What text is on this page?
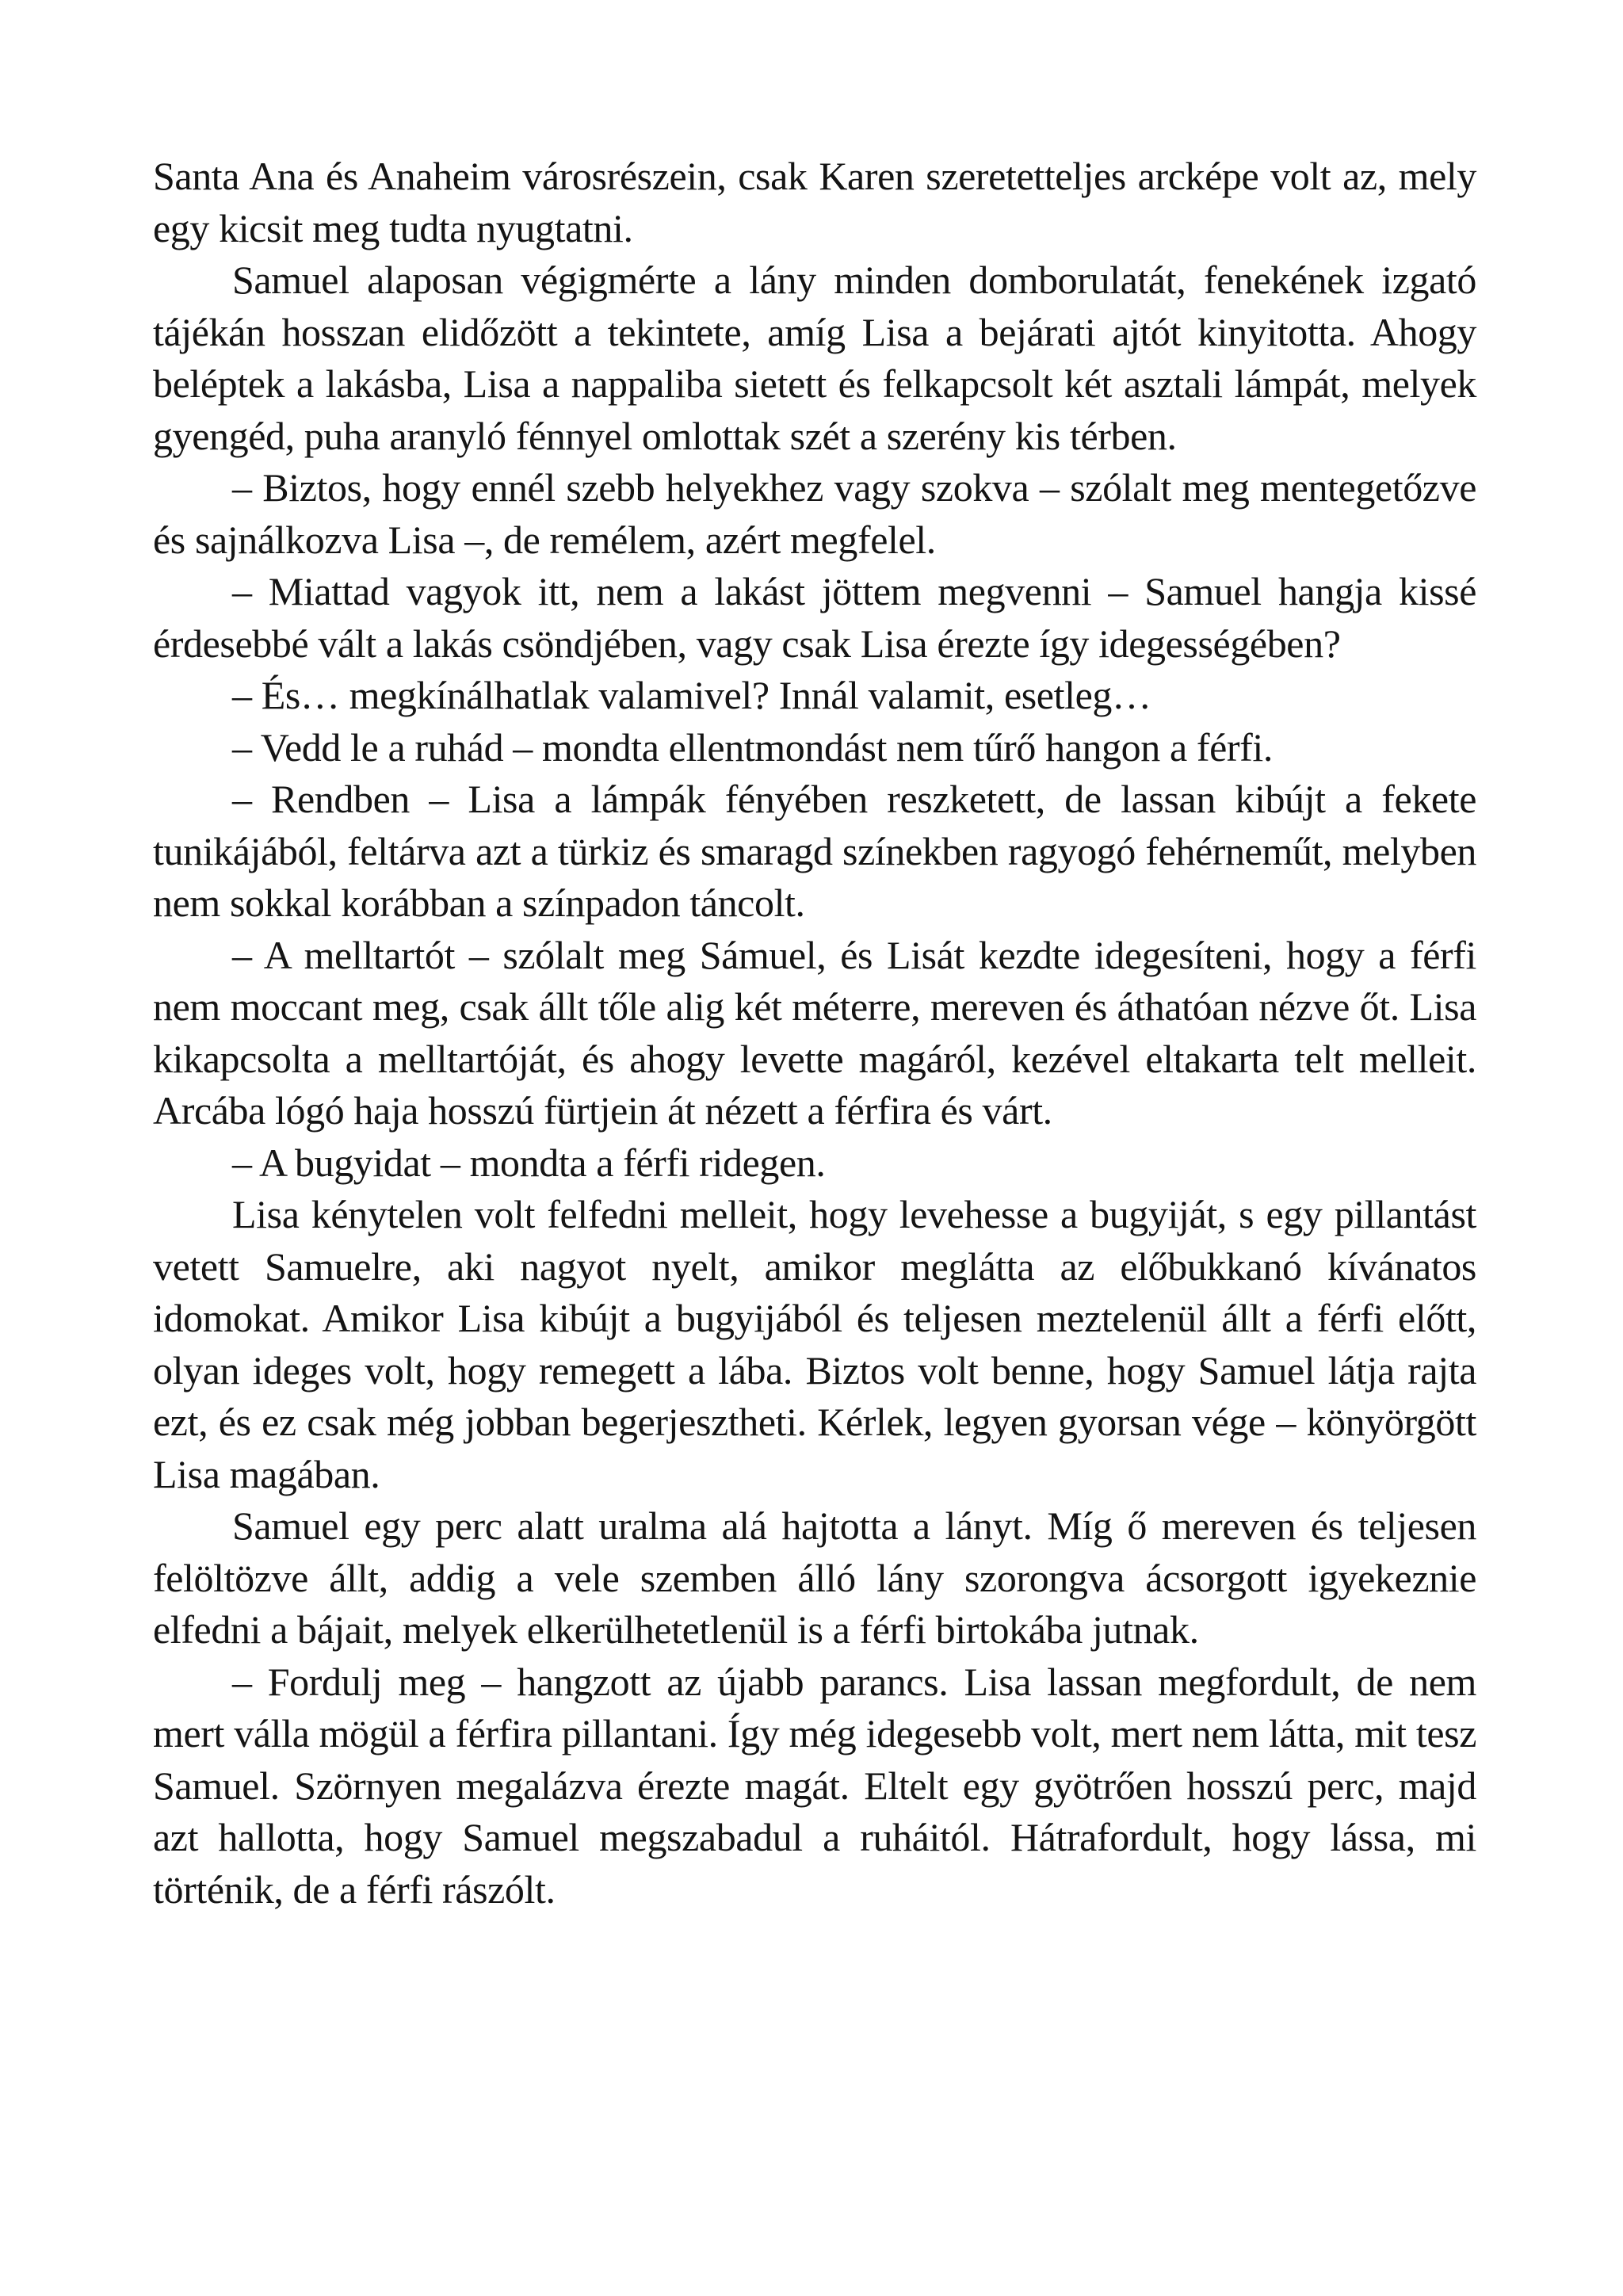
Santa Ana és Anaheim városrészein, csak Karen szeretetteljes arcképe volt az, mely egy kicsit meg tudta nyugtatni.

Samuel alaposan végigmérte a lány minden domborulatát, fenekének izgató tájékán hosszan elidőzött a tekintete, amíg Lisa a bejárati ajtót kinyitotta. Ahogy beléptek a lakásba, Lisa a nappaliba sietett és felkapcsolt két asztali lámpát, melyek gyengéd, puha aranyló fénnyel omlottak szét a szerény kis térben.

– Biztos, hogy ennél szebb helyekhez vagy szokva – szólalt meg mentegetőzve és sajnálkozva Lisa –, de remélem, azért megfelel.

– Miattad vagyok itt, nem a lakást jöttem megvenni – Samuel hangja kissé érdesebbé vált a lakás csöndjében, vagy csak Lisa érezte így idegességében?

– És… megkínálhatlak valamivel? Innál valamit, esetleg…

– Vedd le a ruhád – mondta ellentmondást nem tűrő hangon a férfi.

– Rendben – Lisa a lámpák fényében reszketett, de lassan kibújt a fekete tunikájából, feltárva azt a türkiz és smaragd színekben ragyogó fehérneműt, melyben nem sokkal korábban a színpadon táncolt.

– A melltartót – szólalt meg Sámuel, és Lisát kezdte idegesíteni, hogy a férfi nem moccant meg, csak állt tőle alig két méterre, mereven és áthatóan nézve őt. Lisa kikapcsolta a melltartóját, és ahogy levette magáról, kezével eltakarta telt melleit. Arcába lógó haja hosszú fürtjein át nézett a férfira és várt.

– A bugyidat – mondta a férfi ridegen.

Lisa kénytelen volt felfedni melleit, hogy levehesse a bugyiját, s egy pillantást vetett Samuelre, aki nagyot nyelt, amikor meglátta az előbukkanó kívánatos idomokat. Amikor Lisa kibújt a bugyijából és teljesen meztelenül állt a férfi előtt, olyan ideges volt, hogy remegett a lába. Biztos volt benne, hogy Samuel látja rajta ezt, és ez csak még jobban begerjesztheti. Kérlek, legyen gyorsan vége – könyörgött Lisa magában.

Samuel egy perc alatt uralma alá hajtotta a lányt. Míg ő mereven és teljesen felöltözve állt, addig a vele szemben álló lány szorongva ácsorgott igyekeznie elfedni a bájait, melyek elkerülhetetlenül is a férfi birtokába jutnak.

– Fordulj meg – hangzott az újabb parancs. Lisa lassan megfordult, de nem mert válla mögül a férfira pillantani. Így még idegesebb volt, mert nem látta, mit tesz Samuel. Szörnyen megalázva érezte magát. Eltelt egy gyötrően hosszú perc, majd azt hallotta, hogy Samuel megszabadul a ruháitól. Hátrafordult, hogy lássa, mi történik, de a férfi rászólt.
